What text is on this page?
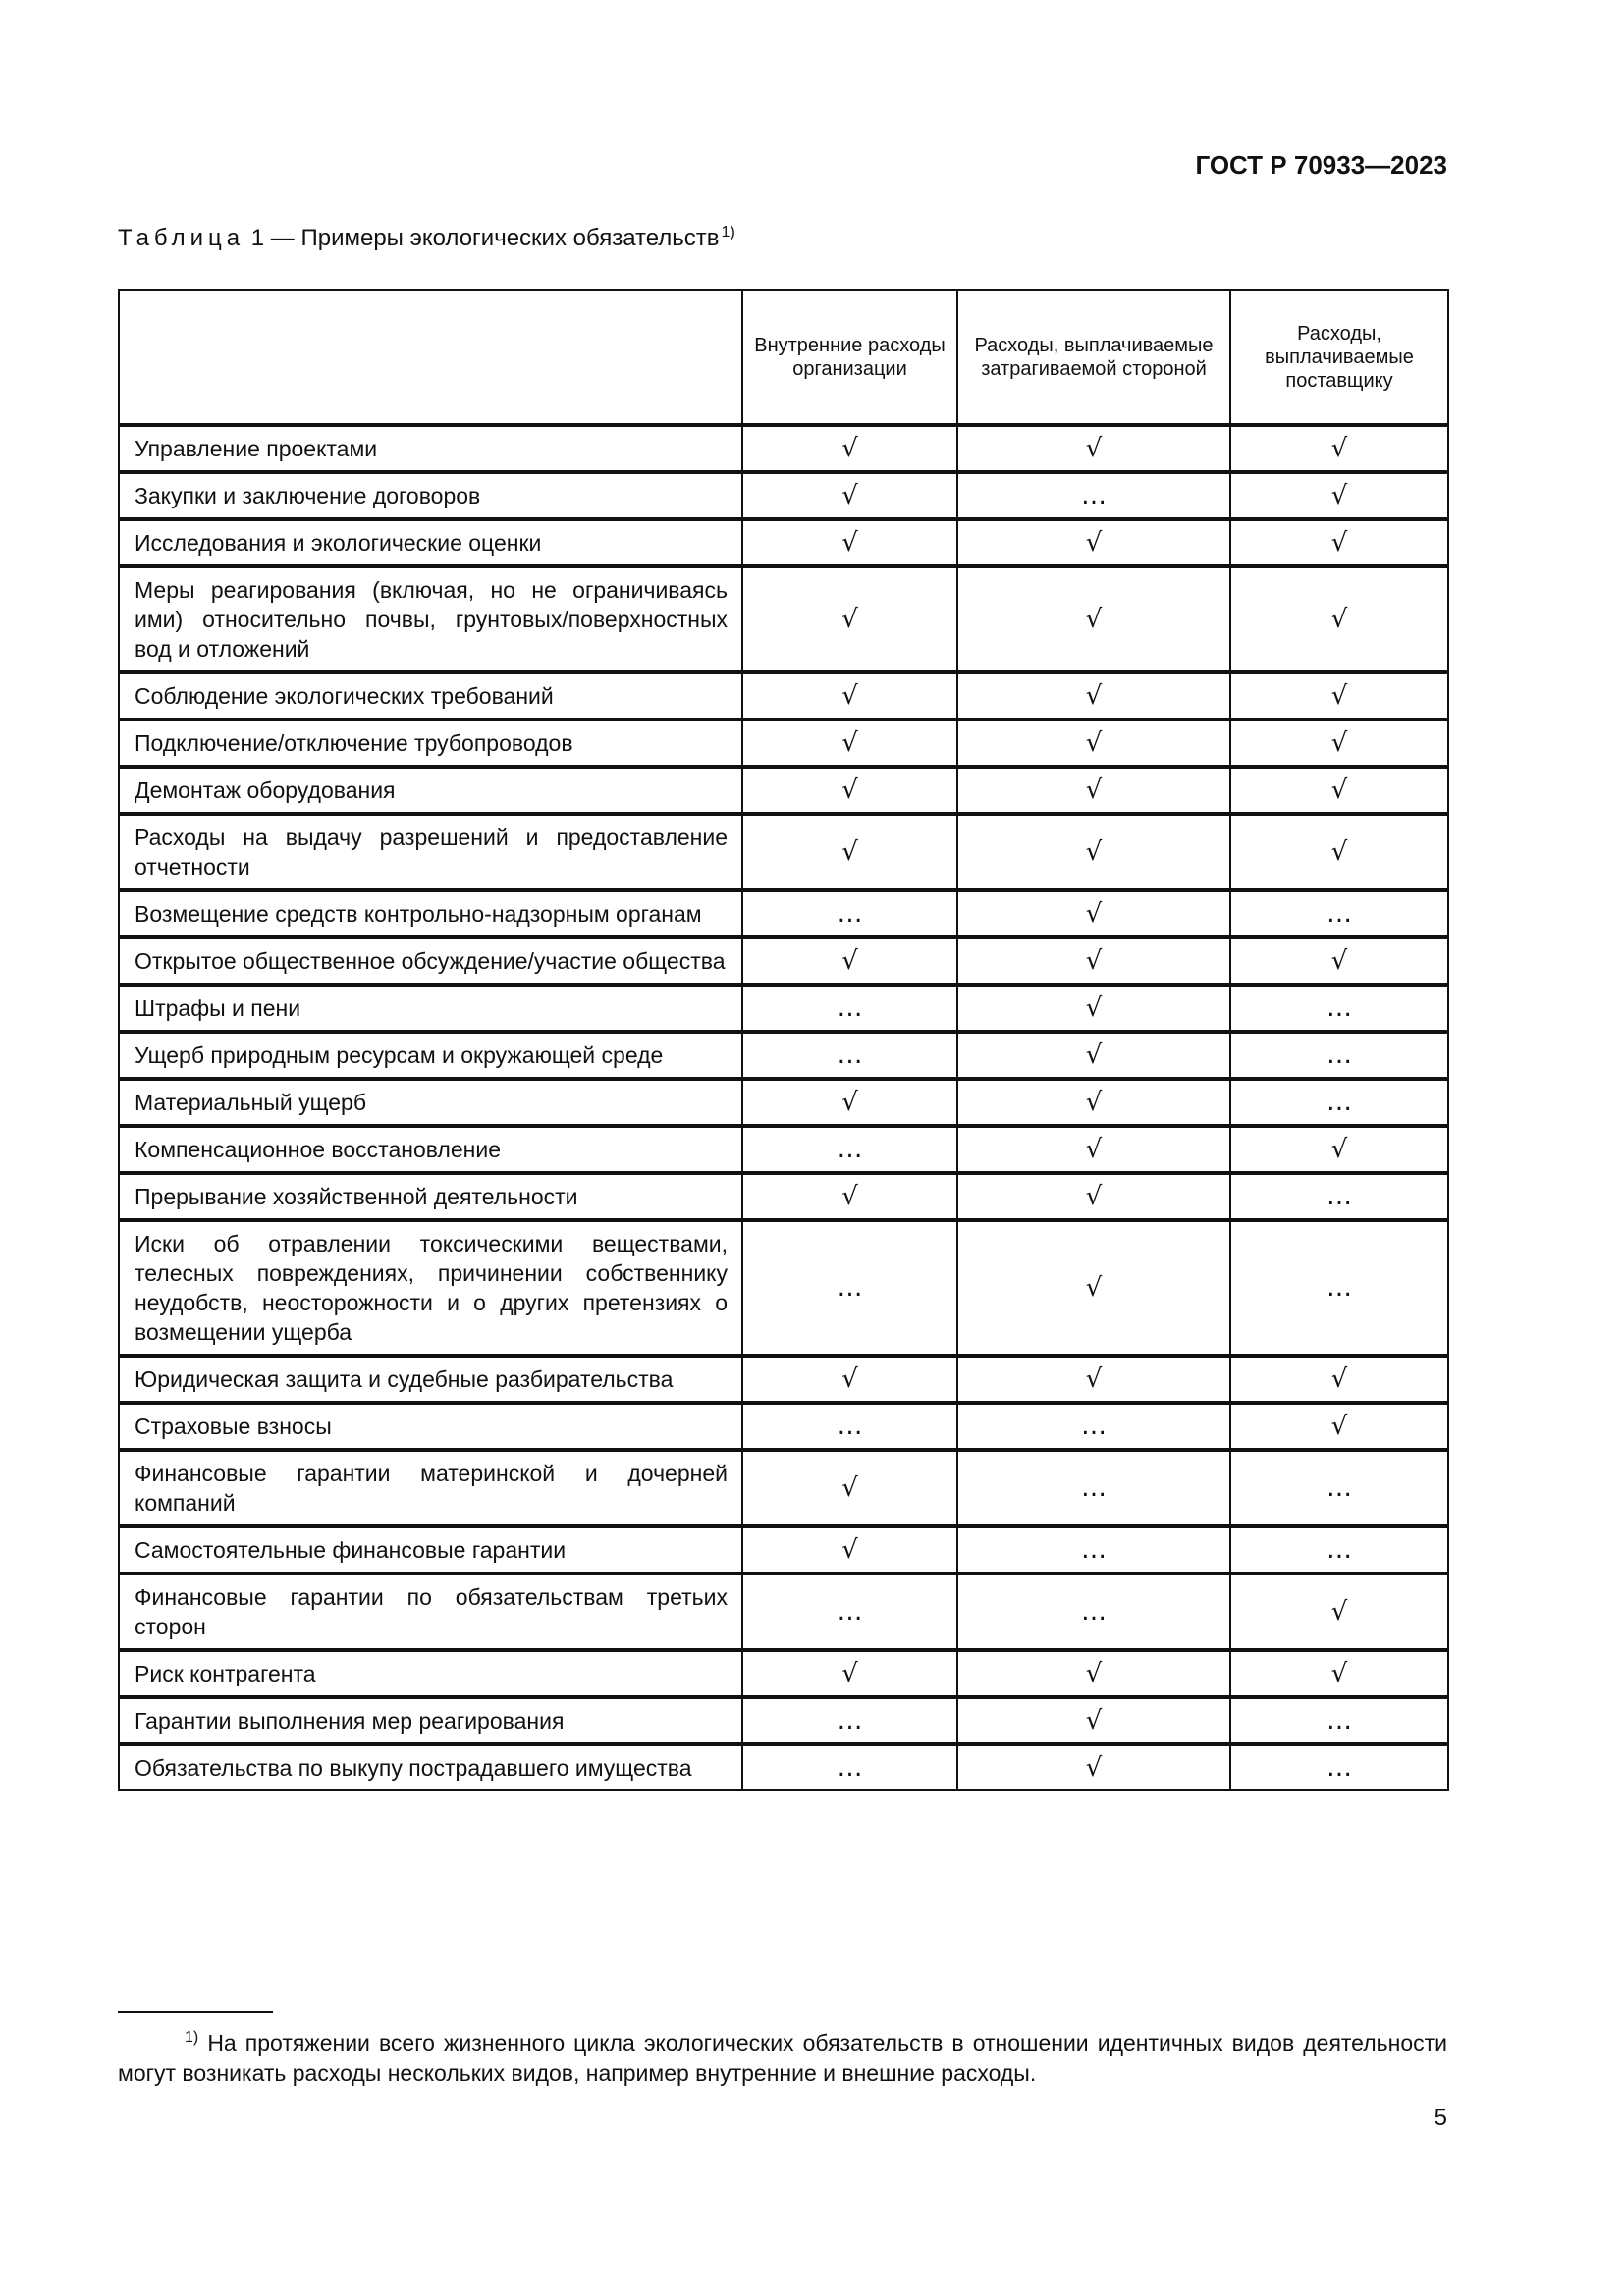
ГОСТ Р 70933—2023
Таблица 1 — Примеры экологических обязательств $^{1)}$
	Внутренние расходы организации	Расходы, выплачиваемые затрагиваемой стороной	Расходы, выплачиваемые поставщику
Управление проектами	√	√	√
Закупки и заключение договоров	√	…	√
Исследования и экологические оценки	√	√	√
Меры реагирования (включая, но не ограничиваясь ими) относительно почвы, грунтовых/поверхностных вод и отложений	√	√	√
Соблюдение экологических требований	√	√	√
Подключение/отключение трубопроводов	√	√	√
Демонтаж оборудования	√	√	√
Расходы на выдачу разрешений и предоставление отчетности	√	√	√
Возмещение средств контрольно-надзорным органам	…	√	…
Открытое общественное обсуждение/участие общества	√	√	√
Штрафы и пени	…	√	…
Ущерб природным ресурсам и окружающей среде	…	√	…
Материальный ущерб	√	√	…
Компенсационное восстановление	…	√	√
Прерывание хозяйственной деятельности	√	√	…
Иски об отравлении токсическими веществами, телесных повреждениях, причинении собственнику неудобств, неосторожности и о других претензиях о возмещении ущерба	…	√	…
Юридическая защита и судебные разбирательства	√	√	√
Страховые взносы	…	…	√
Финансовые гарантии материнской и дочерней компаний	√	…	…
Самостоятельные финансовые гарантии	√	…	…
Финансовые гарантии по обязательствам третьих сторон	…	…	√
Риск контрагента	√	√	√
Гарантии выполнения мер реагирования	…	√	…
Обязательства по выкупу пострадавшего имущества	…	√	…
$^{1)}$ На протяжении всего жизненного цикла экологических обязательств в отношении идентичных видов деятельности могут возникать расходы нескольких видов, например внутренние и внешние расходы.
5
